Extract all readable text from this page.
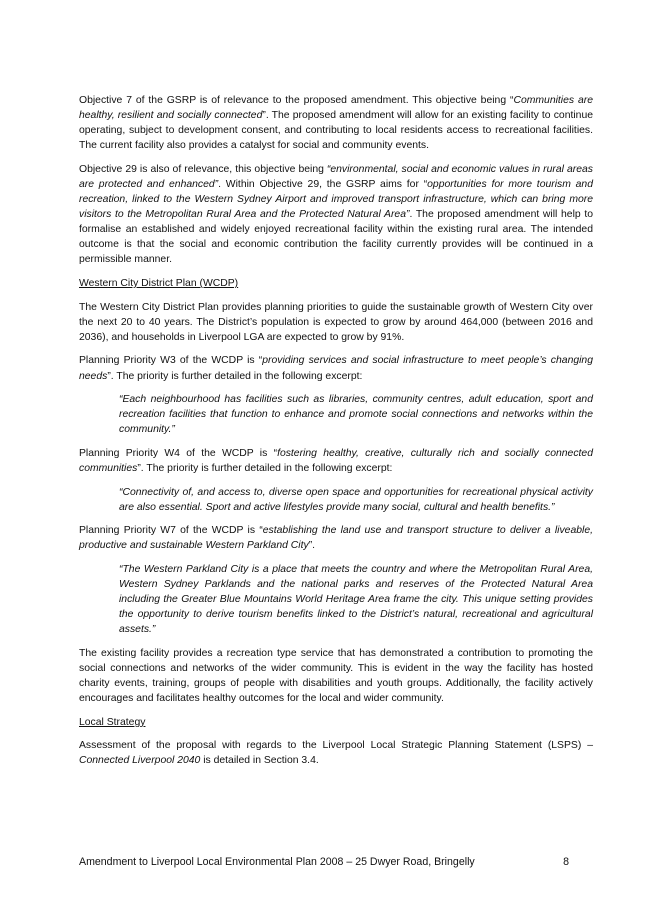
Objective 7 of the GSRP is of relevance to the proposed amendment. This objective being “Communities are healthy, resilient and socially connected”. The proposed amendment will allow for an existing facility to continue operating, subject to development consent, and contributing to local residents access to recreational facilities. The current facility also provides a catalyst for social and community events.

Objective 29 is also of relevance, this objective being “environmental, social and economic values in rural areas are protected and enhanced”. Within Objective 29, the GSRP aims for “opportunities for more tourism and recreation, linked to the Western Sydney Airport and improved transport infrastructure, which can bring more visitors to the Metropolitan Rural Area and the Protected Natural Area”. The proposed amendment will help to formalise an established and widely enjoyed recreational facility within the existing rural area. The intended outcome is that the social and economic contribution the facility currently provides will be continued in a permissible manner.

Western City District Plan (WCDP)

The Western City District Plan provides planning priorities to guide the sustainable growth of Western City over the next 20 to 40 years. The District’s population is expected to grow by around 464,000 (between 2016 and 2036), and households in Liverpool LGA are expected to grow by 91%.

Planning Priority W3 of the WCDP is “providing services and social infrastructure to meet people’s changing needs”. The priority is further detailed in the following excerpt:

“Each neighbourhood has facilities such as libraries, community centres, adult education, sport and recreation facilities that function to enhance and promote social connections and networks within the community.”

Planning Priority W4 of the WCDP is “fostering healthy, creative, culturally rich and socially connected communities”. The priority is further detailed in the following excerpt:

“Connectivity of, and access to, diverse open space and opportunities for recreational physical activity are also essential. Sport and active lifestyles provide many social, cultural and health benefits.”

Planning Priority W7 of the WCDP is “establishing the land use and transport structure to deliver a liveable, productive and sustainable Western Parkland City”.

“The Western Parkland City is a place that meets the country and where the Metropolitan Rural Area, Western Sydney Parklands and the national parks and reserves of the Protected Natural Area including the Greater Blue Mountains World Heritage Area frame the city. This unique setting provides the opportunity to derive tourism benefits linked to the District’s natural, recreational and agricultural assets.”

The existing facility provides a recreation type service that has demonstrated a contribution to promoting the social connections and networks of the wider community. This is evident in the way the facility has hosted charity events, training, groups of people with disabilities and youth groups. Additionally, the facility actively encourages and facilitates healthy outcomes for the local and wider community.

Local Strategy

Assessment of the proposal with regards to the Liverpool Local Strategic Planning Statement (LSPS) – Connected Liverpool 2040 is detailed in Section 3.4.

Amendment to Liverpool Local Environmental Plan 2008 – 25 Dwyer Road, Bringelly	8
